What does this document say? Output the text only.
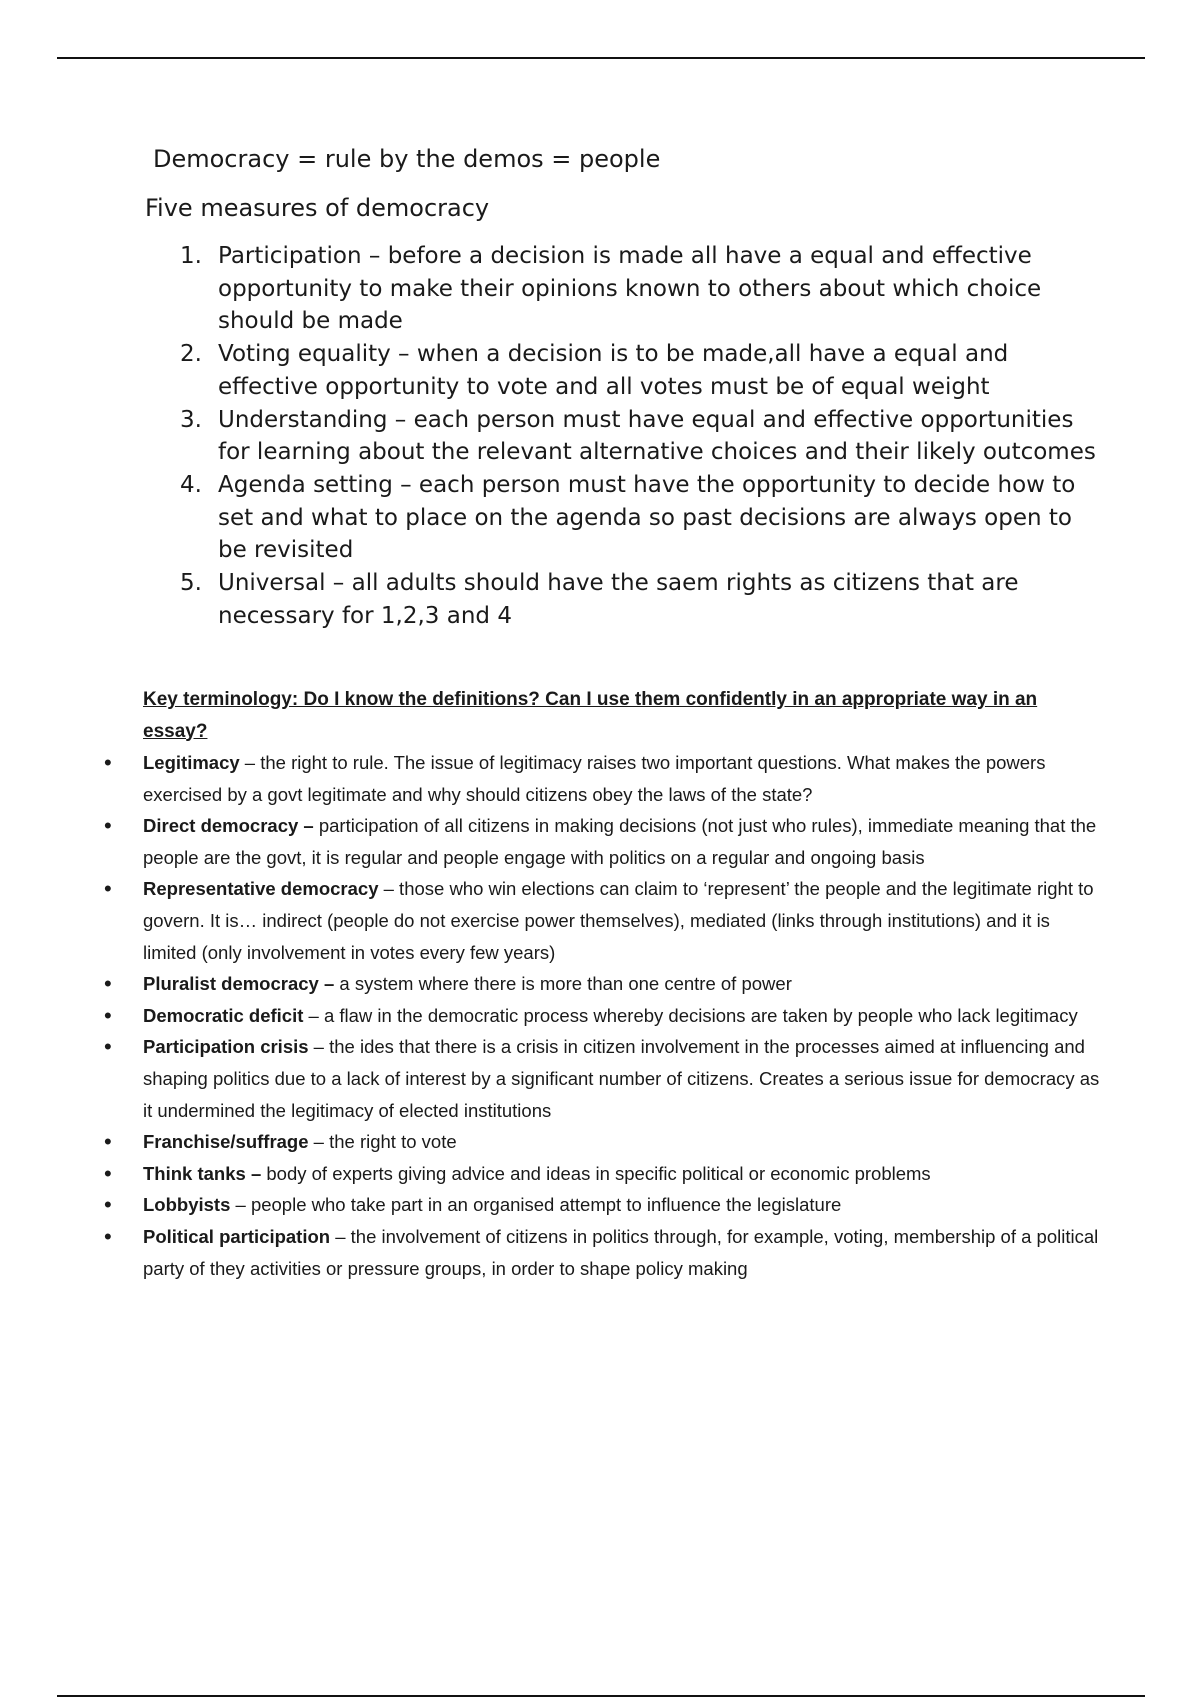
Democracy = rule by the demos = people

Five measures of democracy

1. Participation – before a decision is made all have a equal and effective opportunity to make their opinions known to others about which choice should be made
2. Voting equality – when a decision is to be made,all have a equal and effective opportunity to vote and all votes must be of equal weight
3. Understanding – each person must have equal and effective opportunities for learning about the relevant alternative choices and their likely outcomes
4. Agenda setting – each person must have the opportunity to decide how to set and what to place on the agenda so past decisions are always open to be revisited
5. Universal – all adults should have the saem rights as citizens that are necessary for 1,2,3 and 4

Key terminology: Do I know the definitions? Can I use them confidently in an appropriate way in an essay?

• Legitimacy – the right to rule. The issue of legitimacy raises two important questions. What makes the powers exercised by a govt legitimate and why should citizens obey the laws of the state?
• Direct democracy – participation of all citizens in making decisions (not just who rules), immediate meaning that the people are the govt, it is regular and people engage with politics on a regular and ongoing basis
• Representative democracy – those who win elections can claim to ‘represent’ the people and the legitimate right to govern. It is… indirect (people do not exercise power themselves), mediated (links through institutions) and it is limited (only involvement in votes every few years)
• Pluralist democracy – a system where there is more than one centre of power
• Democratic deficit – a flaw in the democratic process whereby decisions are taken by people who lack legitimacy
• Participation crisis – the ides that there is a crisis in citizen involvement in the processes aimed at influencing and shaping politics due to a lack of interest by a significant number of citizens. Creates a serious issue for democracy as it undermined the legitimacy of elected institutions
• Franchise/suffrage – the right to vote
• Think tanks – body of experts giving advice and ideas in specific political or economic problems
• Lobbyists – people who take part in an organised attempt to influence the legislature
• Political participation – the involvement of citizens in politics through, for example, voting, membership of a political party of they activities or pressure groups, in order to shape policy making
